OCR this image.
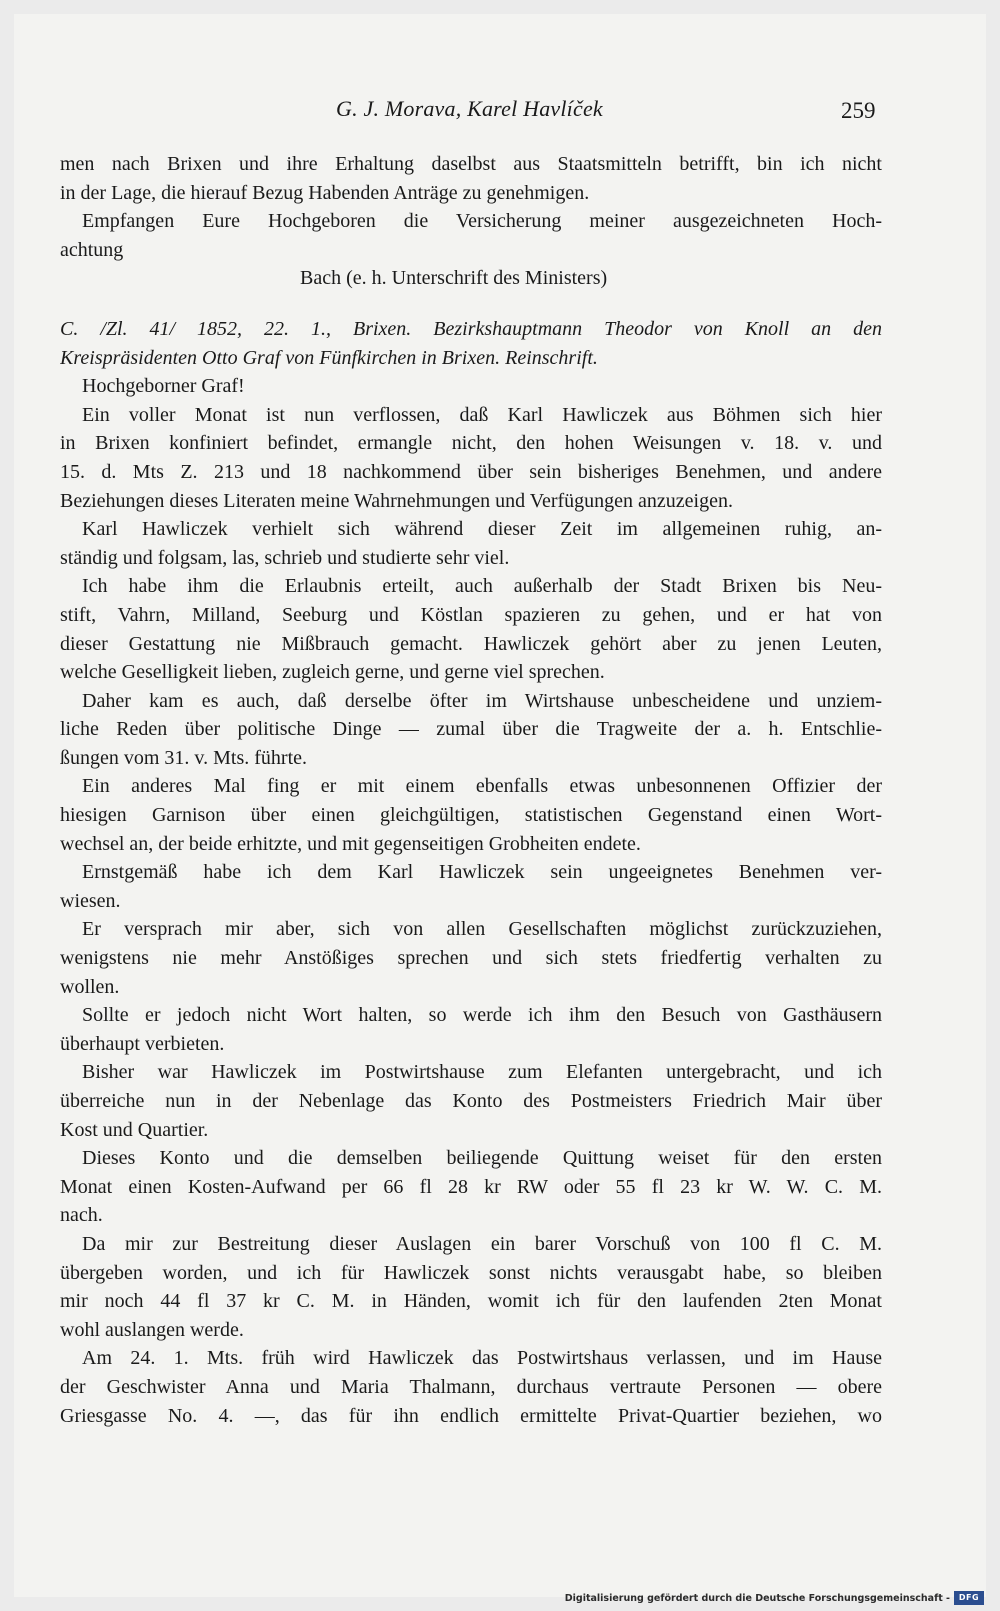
G. J. Morava, Karel Havlíček	259
men nach Brixen und ihre Erhaltung daselbst aus Staatsmitteln betrifft, bin ich nicht
in der Lage, die hierauf Bezug Habenden Anträge zu genehmigen.
Empfangen Eure Hochgeboren die Versicherung meiner ausgezeichneten Hoch-
achtung
Bach (e. h. Unterschrift des Ministers)
C. /Zl. 41/ 1852, 22. 1., Brixen. Bezirkshauptmann Theodor von Knoll an den
Kreispräsidenten Otto Graf von Fünfkirchen in Brixen. Reinschrift.
Hochgeborner Graf!
Ein voller Monat ist nun verflossen, daß Karl Hawliczek aus Böhmen sich hier
in Brixen konfiniert befindet, ermangle nicht, den hohen Weisungen v. 18. v. und
15. d. Mts Z. 213 und 18 nachkommend über sein bisheriges Benehmen, und andere
Beziehungen dieses Literaten meine Wahrnehmungen und Verfügungen anzuzeigen.
Karl Hawliczek verhielt sich während dieser Zeit im allgemeinen ruhig, an-
ständig und folgsam, las, schrieb und studierte sehr viel.
Ich habe ihm die Erlaubnis erteilt, auch außerhalb der Stadt Brixen bis Neu-
stift, Vahrn, Milland, Seeburg und Köstlan spazieren zu gehen, und er hat von
dieser Gestattung nie Mißbrauch gemacht. Hawliczek gehört aber zu jenen Leuten,
welche Geselligkeit lieben, zugleich gerne, und gerne viel sprechen.
Daher kam es auch, daß derselbe öfter im Wirtshause unbescheidene und unziem-
liche Reden über politische Dinge — zumal über die Tragweite der a. h. Entschlie-
ßungen vom 31. v. Mts. führte.
Ein anderes Mal fing er mit einem ebenfalls etwas unbesonnenen Offizier der
hiesigen Garnison über einen gleichgültigen, statistischen Gegenstand einen Wort-
wechsel an, der beide erhitzte, und mit gegenseitigen Grobheiten endete.
Ernstgemäß habe ich dem Karl Hawliczek sein ungeeignetes Benehmen ver-
wiesen.
Er versprach mir aber, sich von allen Gesellschaften möglichst zurückzuziehen,
wenigstens nie mehr Anstößiges sprechen und sich stets friedfertig verhalten zu
wollen.
Sollte er jedoch nicht Wort halten, so werde ich ihm den Besuch von Gasthäusern
überhaupt verbieten.
Bisher war Hawliczek im Postwirtshause zum Elefanten untergebracht, und ich
überreiche nun in der Nebenlage das Konto des Postmeisters Friedrich Mair über
Kost und Quartier.
Dieses Konto und die demselben beiliegende Quittung weiset für den ersten
Monat einen Kosten-Aufwand per 66 fl 28 kr RW oder 55 fl 23 kr W. W. C. M.
nach.
Da mir zur Bestreitung dieser Auslagen ein barer Vorschuß von 100 fl C. M.
übergeben worden, und ich für Hawliczek sonst nichts verausgabt habe, so bleiben
mir noch 44 fl 37 kr C. M. in Händen, womit ich für den laufenden 2ten Monat
wohl auslangen werde.
Am 24. 1. Mts. früh wird Hawliczek das Postwirtshaus verlassen, und im Hause
der Geschwister Anna und Maria Thalmann, durchaus vertraute Personen — obere
Griesgasse No. 4. —, das für ihn endlich ermittelte Privat-Quartier beziehen, wo
Digitalisierung gefördert durch die Deutsche Forschungsgemeinschaft -	DFG
